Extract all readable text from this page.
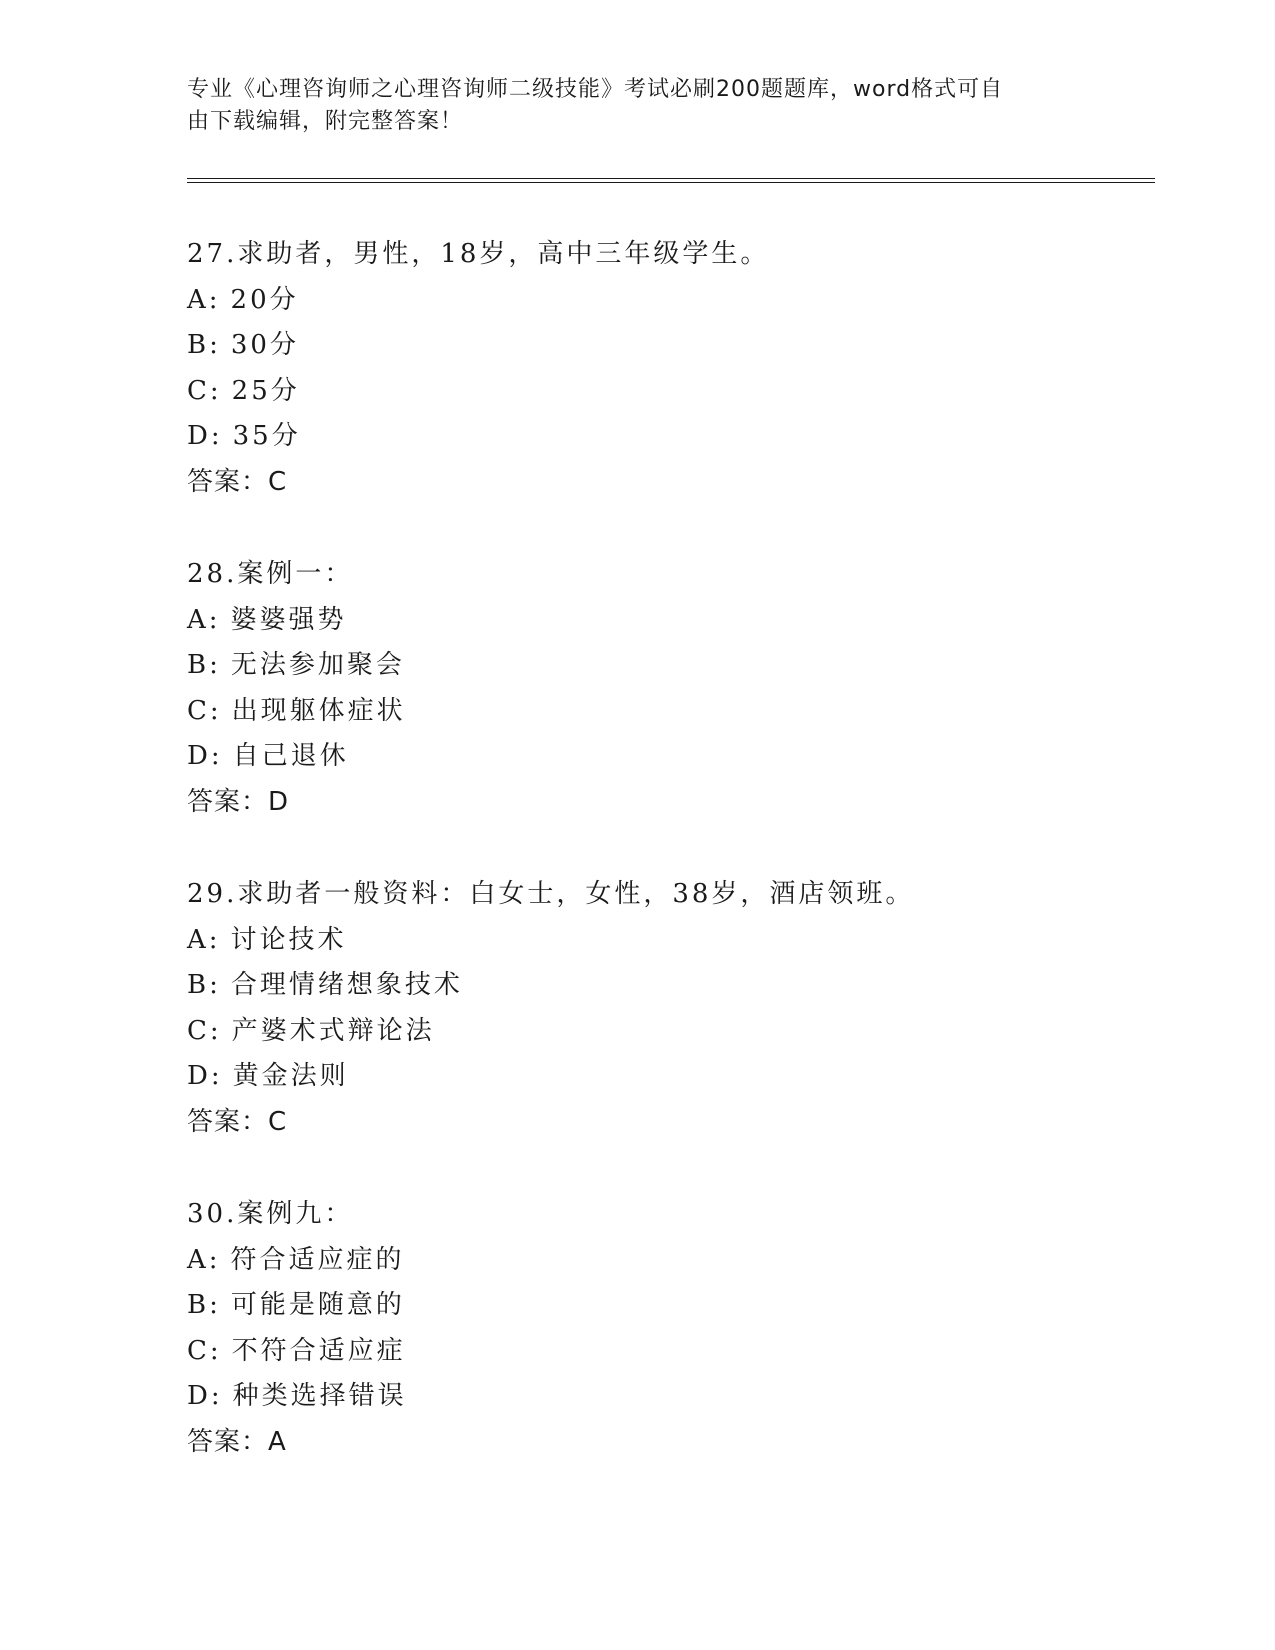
专业《心理咨询师之心理咨询师二级技能》考试必刷200题题库，word格式可自
由下载编辑，附完整答案！
27.求助者，男性，18岁，高中三年级学生。
A: 20分
B: 30分
C: 25分
D: 35分
答案：C
28.案例一：
A: 婆婆强势
B: 无法参加聚会
C: 出现躯体症状
D: 自己退休
答案：D
29.求助者一般资料：白女士，女性，38岁，酒店领班。
A: 讨论技术
B: 合理情绪想象技术
C: 产婆术式辩论法
D: 黄金法则
答案：C
30.案例九：
A: 符合适应症的
B: 可能是随意的
C: 不符合适应症
D: 种类选择错误
答案：A
